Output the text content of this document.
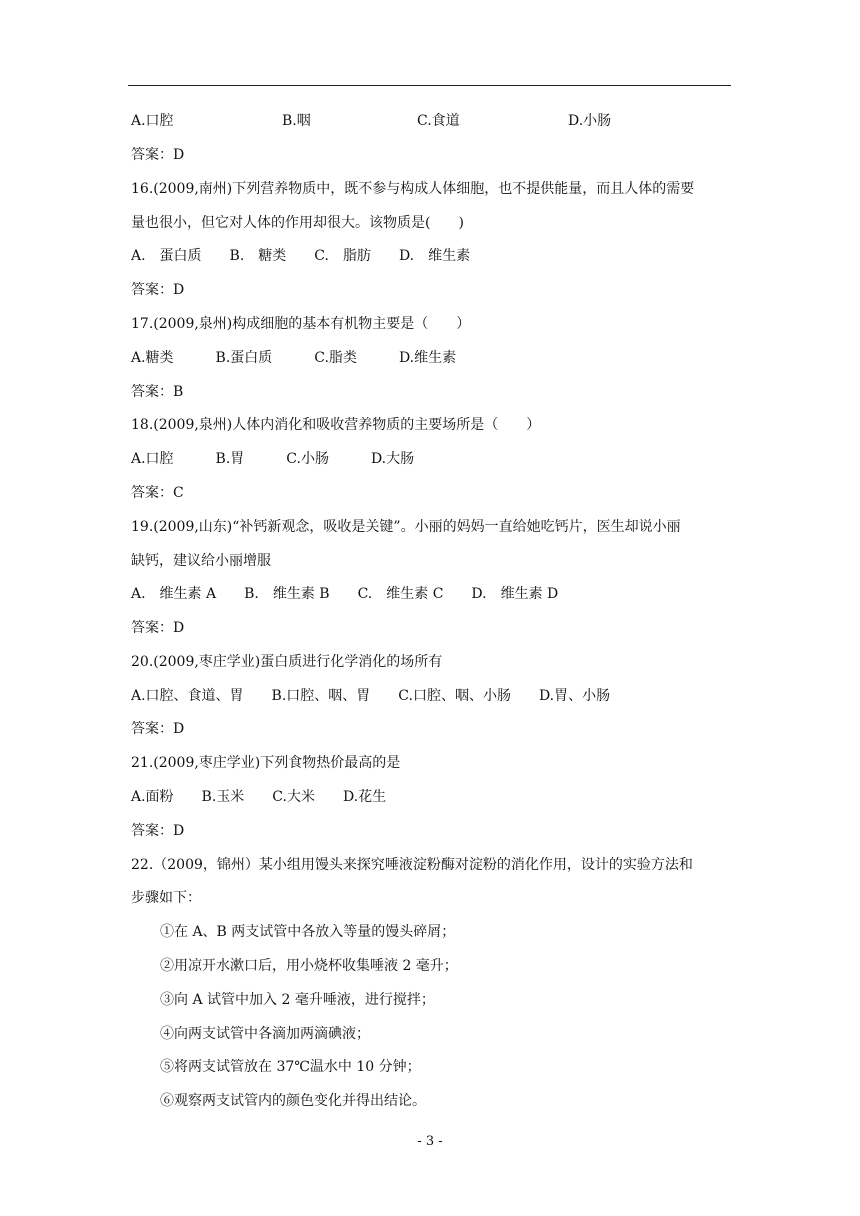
A.口腔	B.咽	C.食道	D.小肠
答案：D
16.(2009,南州)下列营养物质中，既不参与构成人体细胞，也不提供能量，而且人体的需要
量也很小，但它对人体的作用却很大。该物质是(　　)
A.　蛋白质　　B.　糖类　　C.　脂肪　　D.　维生素
答案：D
17.(2009,泉州)构成细胞的基本有机物主要是（　　）
A.糖类　　　B.蛋白质　　　C.脂类　　　D.维生素
答案：B
18.(2009,泉州)人体内消化和吸收营养物质的主要场所是（　　）
A.口腔　　　B.胃　　　C.小肠　　　D.大肠
答案：C
19.(2009,山东)“补钙新观念，吸收是关键”。小丽的妈妈一直给她吃钙片，医生却说小丽
缺钙，建议给小丽增服
A.　维生素 A　　B.　维生素 B　　C.　维生素 C　　D.　维生素 D
答案：D
20.(2009,枣庄学业)蛋白质进行化学消化的场所有
A.口腔、食道、胃　　B.口腔、咽、胃　　C.口腔、咽、小肠　　D.胃、小肠
答案：D
21.(2009,枣庄学业)下列食物热价最高的是
A.面粉　　B.玉米　　C.大米　　D.花生
答案：D
22.（2009，锦州）某小组用馒头来探究唾液淀粉酶对淀粉的消化作用，设计的实验方法和
步骤如下：
①在 A、B 两支试管中各放入等量的馒头碎屑；
②用凉开水漱口后，用小烧杯收集唾液 2 毫升；
③向 A 试管中加入 2 毫升唾液，进行搅拌；
④向两支试管中各滴加两滴碘液；
⑤将两支试管放在 37℃温水中 10 分钟；
⑥观察两支试管内的颜色变化并得出结论。
- 3 -
